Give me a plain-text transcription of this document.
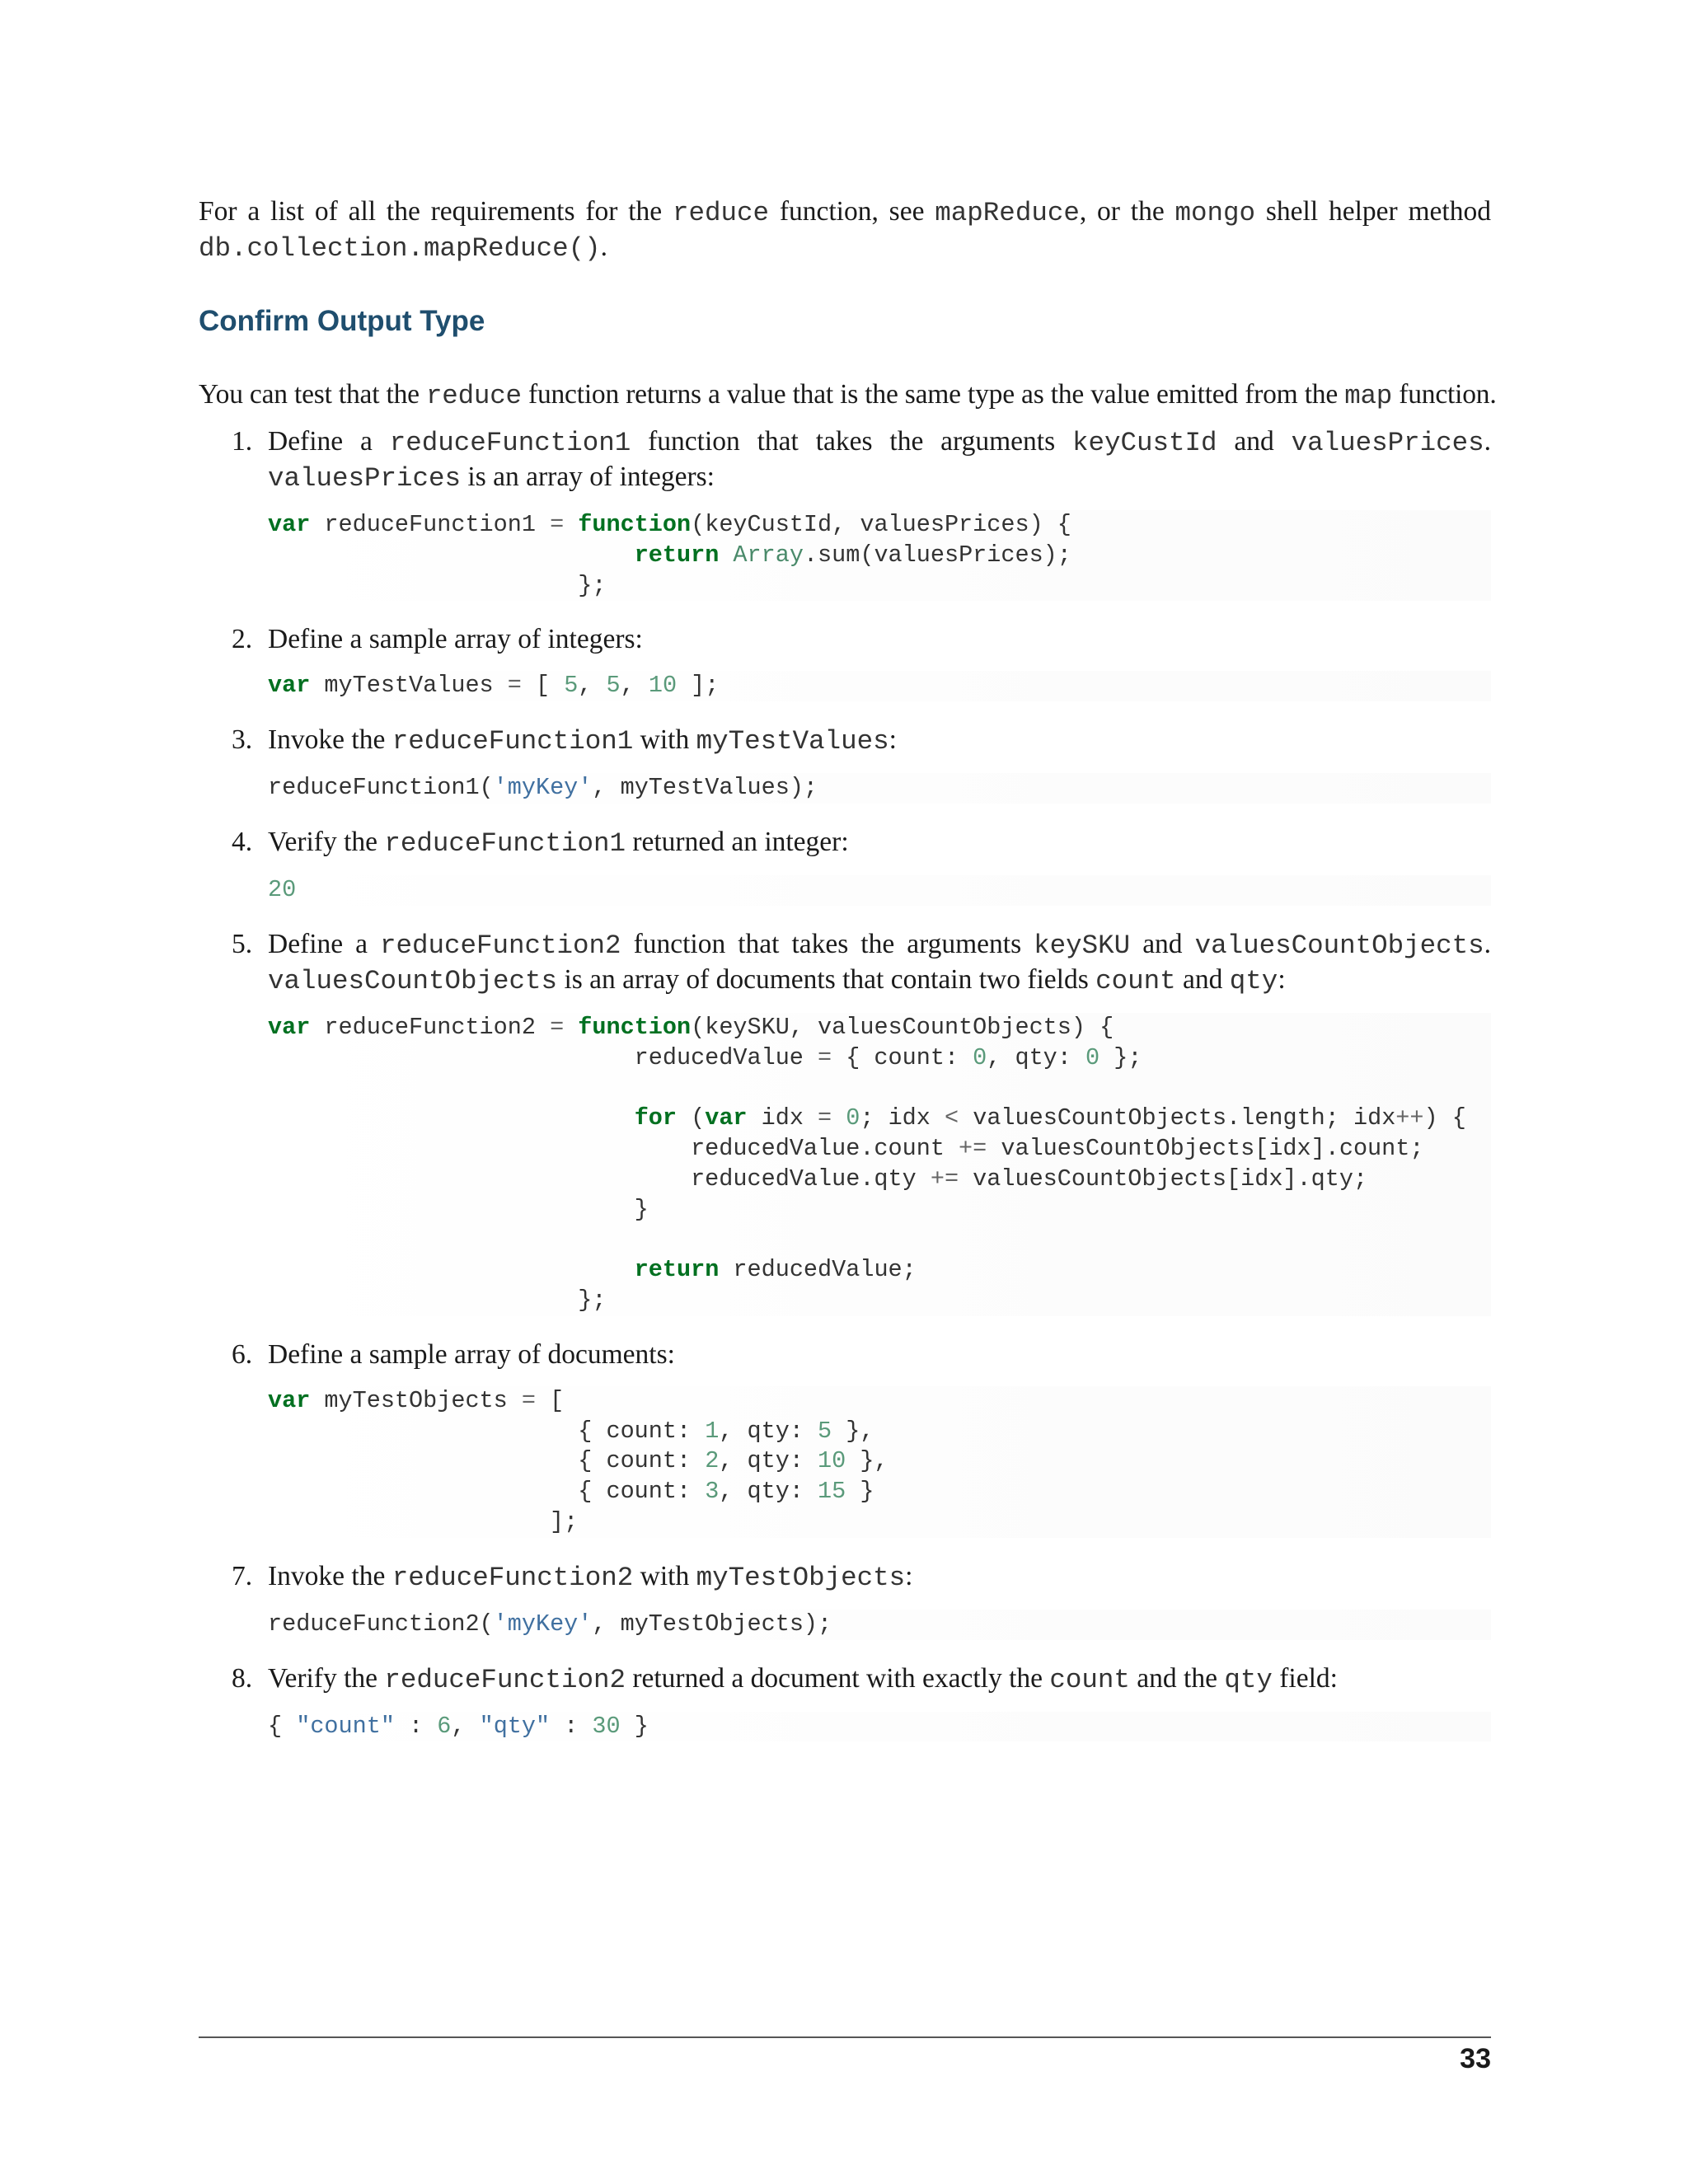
For a list of all the requirements for the reduce function, see mapReduce, or the mongo shell helper method db.collection.mapReduce().

Confirm Output Type

You can test that the reduce function returns a value that is the same type as the value emitted from the map function.

1. Define a reduceFunction1 function that takes the arguments keyCustId and valuesPrices. valuesPrices is an array of integers:
var reduceFunction1 = function(keyCustId, valuesPrices) {
return Array.sum(valuesPrices);
};
2. Define a sample array of integers:
var myTestValues = [ 5, 5, 10 ];
3. Invoke the reduceFunction1 with myTestValues:
reduceFunction1('myKey', myTestValues);
4. Verify the reduceFunction1 returned an integer:
20
5. Define a reduceFunction2 function that takes the arguments keySKU and valuesCountObjects. valuesCountObjects is an array of documents that contain two fields count and qty:
var reduceFunction2 = function(keySKU, valuesCountObjects) {
reducedValue = { count: 0, qty: 0 };

for (var idx = 0; idx < valuesCountObjects.length; idx++) {
reducedValue.count += valuesCountObjects[idx].count;
reducedValue.qty += valuesCountObjects[idx].qty;
}

return reducedValue;
};
6. Define a sample array of documents:
var myTestObjects = [
{ count: 1, qty: 5 },
{ count: 2, qty: 10 },
{ count: 3, qty: 15 }
];
7. Invoke the reduceFunction2 with myTestObjects:
reduceFunction2('myKey', myTestObjects);
8. Verify the reduceFunction2 returned a document with exactly the count and the qty field:
{ "count" : 6, "qty" : 30 }
33
